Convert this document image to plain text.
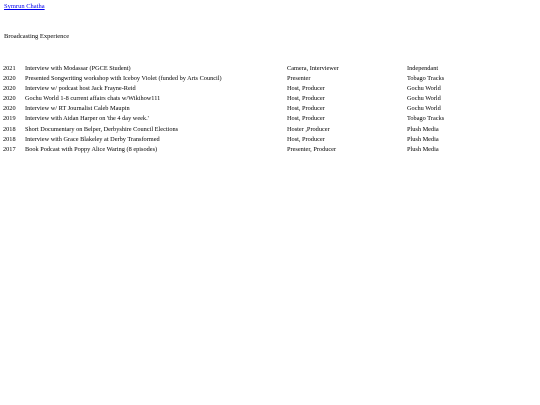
Symrun Chatha
Broadcasting Experience
2021	Interview with Modassar (PGCE Student)	Camera, Interviewer	Independant
2020	Presented Songwriting workshop with Iceboy Violet (funded by Arts Council)	Presenter	Tobago Tracks
2020	Interview w/ podcast host Jack Frayne-Reid	Host, Producer	Gochu World
2020	Gochu World 1-8 current affairs chats w/Wikihow111	Host, Producer	Gochu World
2020	Interview w/ RT Journalist Caleb Maupin	Host, Producer	Gochu World
2019	Interview with Aidan Harper on 'the 4 day week.'	Host, Producer	Tobago Tracks
2018	Short Documentary on Belper, Derbyshire Council Elections	Hoster ,Producer	Plush Media
2018	Interview with Grace Blakeley at Derby Transformed	Host, Producer	Plush Media
2017	Book Podcast with Poppy Alice Waring (8 episodes)	Presenter, Producer	Plush Media
